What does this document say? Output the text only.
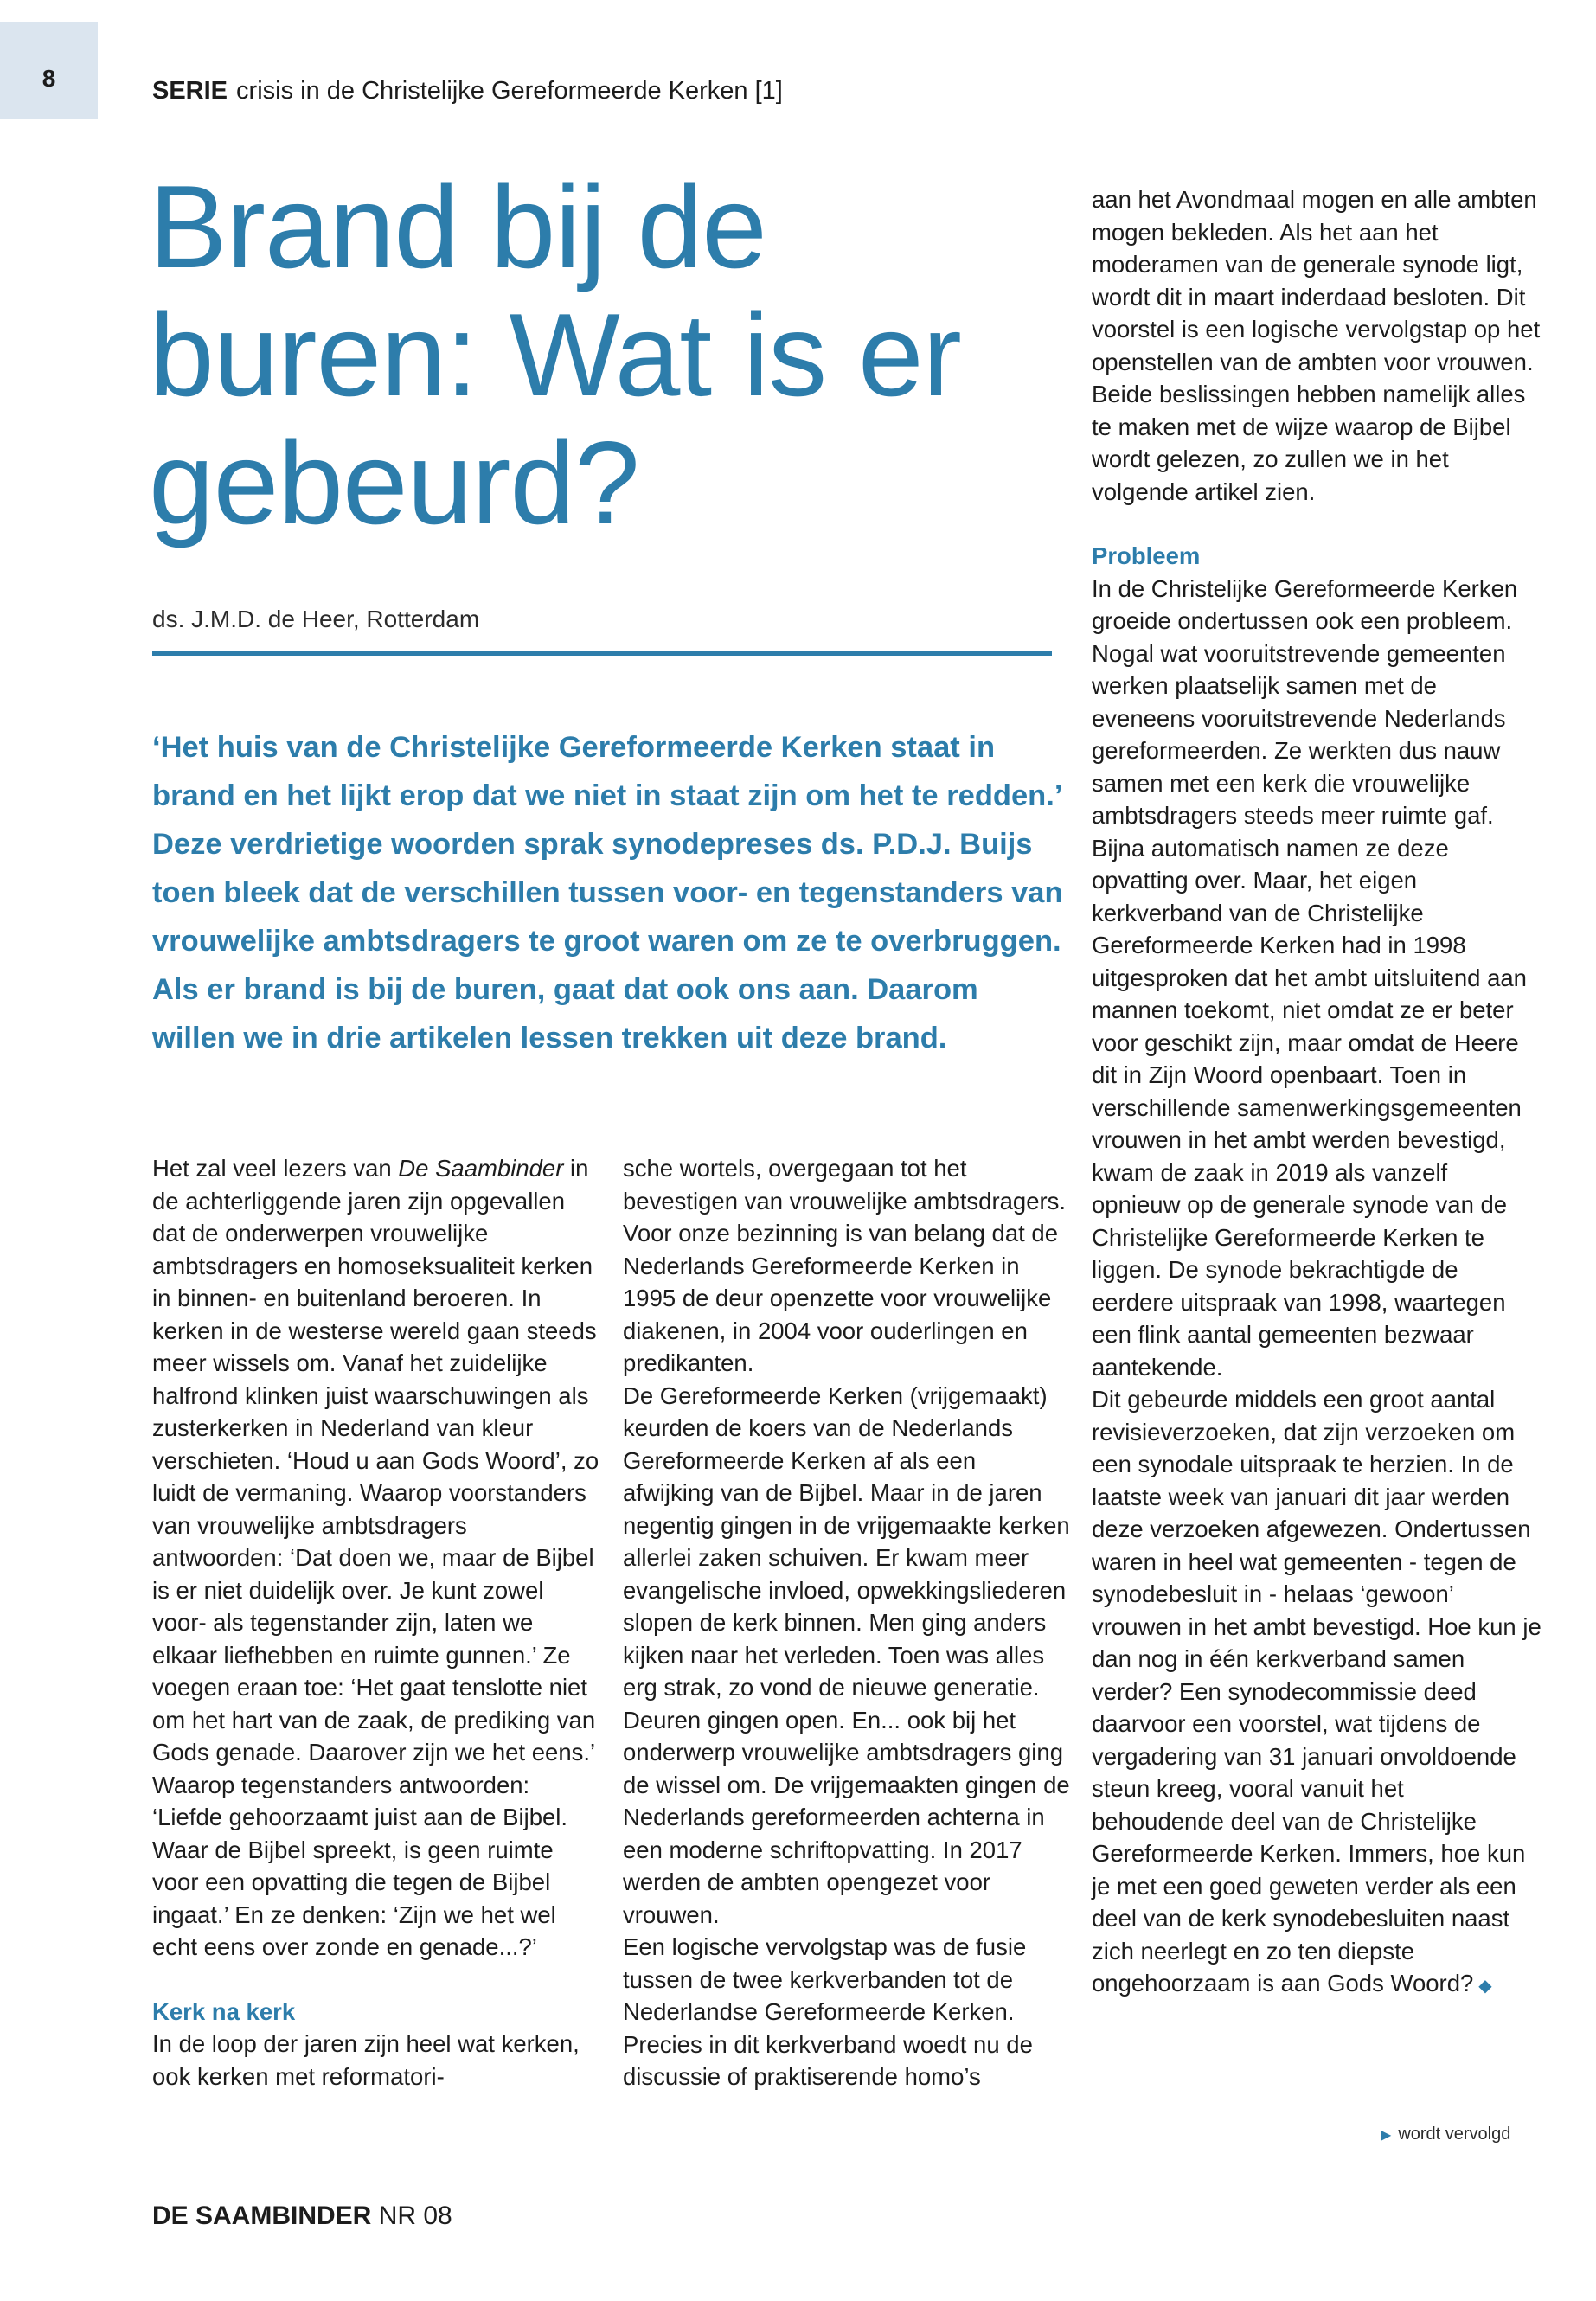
8	SERIE crisis in de Christelijke Gereformeerde Kerken [1]
Brand bij de buren: Wat is er gebeurd?
ds. J.M.D. de Heer, Rotterdam
‘Het huis van de Christelijke Gereformeerde Kerken staat in brand en het lijkt erop dat we niet in staat zijn om het te redden.’ Deze verdrietige woorden sprak synodepreses ds. P.D.J. Buijs toen bleek dat de verschillen tussen voor- en tegenstanders van vrouwelijke ambtsdragers te groot waren om ze te overbruggen. Als er brand is bij de buren, gaat dat ook ons aan. Daarom willen we in drie artikelen lessen trekken uit deze brand.

Het zal veel lezers van De Saambinder in de achterliggende jaren zijn opgevallen dat de onderwerpen vrouwelijke ambtsdragers en homoseksualiteit kerken in binnen- en buitenland beroeren. In kerken in de westerse wereld gaan steeds meer wissels om. Vanaf het zuidelijke halfrond klinken juist waarschuwingen als zusterkerken in Nederland van kleur verschieten. ‘Houd u aan Gods Woord’, zo luidt de vermaning. Waarop voorstanders van vrouwelijke ambtsdragers antwoorden: ‘Dat doen we, maar de Bijbel is er niet duidelijk over. Je kunt zowel voor- als tegenstander zijn, laten we elkaar liefhebben en ruimte gunnen.’ Ze voegen eraan toe: ‘Het gaat tenslotte niet om het hart van de zaak, de prediking van Gods genade. Daarover zijn we het eens.’ Waarop tegenstanders antwoorden: ‘Liefde gehoorzaamt juist aan de Bijbel. Waar de Bijbel spreekt, is geen ruimte voor een opvatting die tegen de Bijbel ingaat.’ En ze denken: ‘Zijn we het wel echt eens over zonde en genade...?’

Kerk na kerk

In de loop der jaren zijn heel wat kerken, ook kerken met reformatori-

sche wortels, overgegaan tot het bevestigen van vrouwelijke ambtsdragers. Voor onze bezinning is van belang dat de Nederlands Gereformeerde Kerken in 1995 de deur openzette voor vrouwelijke diakenen, in 2004 voor ouderlingen en predikanten.

De Gereformeerde Kerken (vrijgemaakt) keurden de koers van de Nederlands Gereformeerde Kerken af als een afwijking van de Bijbel. Maar in de jaren negentig gingen in de vrijgemaakte kerken allerlei zaken schuiven. Er kwam meer evangelische invloed, opwekkingsliederen slopen de kerk binnen. Men ging anders kijken naar het verleden. Toen was alles erg strak, zo vond de nieuwe generatie. Deuren gingen open. En... ook bij het onderwerp vrouwelijke ambtsdragers ging de wissel om. De vrijgemaakten gingen de Nederlands gereformeerden achterna in een moderne schriftopvatting. In 2017 werden de ambten opengezet voor vrouwen.

Een logische vervolgstap was de fusie tussen de twee kerkverbanden tot de Nederlandse Gereformeerde Kerken. Precies in dit kerkverband woedt nu de discussie of praktiserende homo’s

aan het Avondmaal mogen en alle ambten mogen bekleden. Als het aan het moderamen van de generale synode ligt, wordt dit in maart inderdaad besloten. Dit voorstel is een logische vervolgstap op het openstellen van de ambten voor vrouwen. Beide beslissingen hebben namelijk alles te maken met de wijze waarop de Bijbel wordt gelezen, zo zullen we in het volgende artikel zien.

Probleem

In de Christelijke Gereformeerde Kerken groeide ondertussen ook een probleem. Nogal wat vooruitstrevende gemeenten werken plaatselijk samen met de eveneens vooruitstrevende Nederlands gereformeerden. Ze werkten dus nauw samen met een kerk die vrouwelijke ambtsdragers steeds meer ruimte gaf. Bijna automatisch namen ze deze opvatting over. Maar, het eigen kerkverband van de Christelijke Gereformeerde Kerken had in 1998 uitgesproken dat het ambt uitsluitend aan mannen toekomt, niet omdat ze er beter voor geschikt zijn, maar omdat de Heere dit in Zijn Woord openbaart. Toen in verschillende samenwerkingsgemeenten vrouwen in het ambt werden bevestigd, kwam de zaak in 2019 als vanzelf opnieuw op de generale synode van de Christelijke Gereformeerde Kerken te liggen. De synode bekrachtigde de eerdere uitspraak van 1998, waartegen een flink aantal gemeenten bezwaar aantekende.

Dit gebeurde middels een groot aantal revisieverzoeken, dat zijn verzoeken om een synodale uitspraak te herzien. In de laatste week van januari dit jaar werden deze verzoeken afgewezen. Ondertussen waren in heel wat gemeenten - tegen de synodebesluit in - helaas ‘gewoon’ vrouwen in het ambt bevestigd. Hoe kun je dan nog in één kerkverband samen verder? Een synodecommissie deed daarvoor een voorstel, wat tijdens de vergadering van 31 januari onvoldoende steun kreeg, vooral vanuit het behoudende deel van de Christelijke Gereformeerde Kerken. Immers, hoe kun je met een goed geweten verder als een deel van de kerk synodebesluiten naast zich neerlegt en zo ten diepste ongehoorzaam is aan Gods Woord? ◆

▶ wordt vervolgd
DE SAAMBINDER NR 08
